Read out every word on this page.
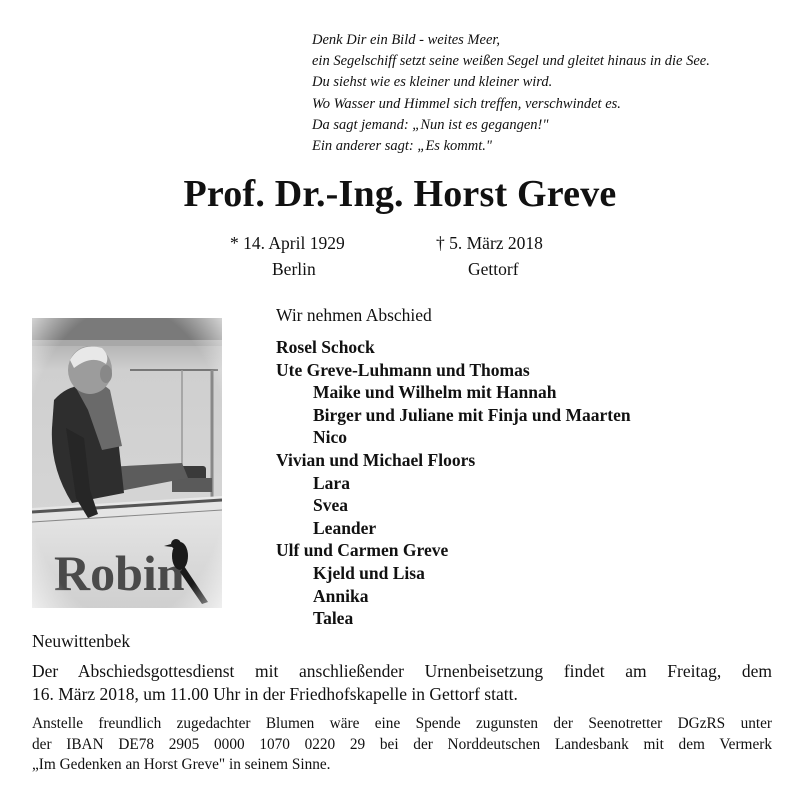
Denk Dir ein Bild - weites Meer,
ein Segelschiff setzt seine weißen Segel und gleitet hinaus in die See.
Du siehst wie es kleiner und kleiner wird.
Wo Wasser und Himmel sich treffen, verschwindet es.
Da sagt jemand: „Nun ist es gegangen!"
Ein anderer sagt: „Es kommt."
Prof. Dr.-Ing. Horst Greve
* 14. April 1929
Berlin
† 5. März 2018
Gettorf
Wir nehmen Abschied
Rosel Schock
Ute Greve-Luhmann und Thomas
Maike und Wilhelm mit Hannah
Birger und Juliane mit Finja und Maarten
Nico
Vivian und Michael Floors
Lara
Svea
Leander
Ulf und Carmen Greve
Kjeld und Lisa
Annika
Talea
Neuwittenbek
Der Abschiedsgottesdienst mit anschließender Urnenbeisetzung findet am Freitag, dem
16. März 2018, um 11.00 Uhr in der Friedhofskapelle in Gettorf statt.
Anstelle freundlich zugedachter Blumen wäre eine Spende zugunsten der Seenotretter DGzRS unter
der IBAN DE78 2905 0000 1070 0220 29 bei der Norddeutschen Landesbank mit dem Vermerk
„Im Gedenken an Horst Greve" in seinem Sinne.
